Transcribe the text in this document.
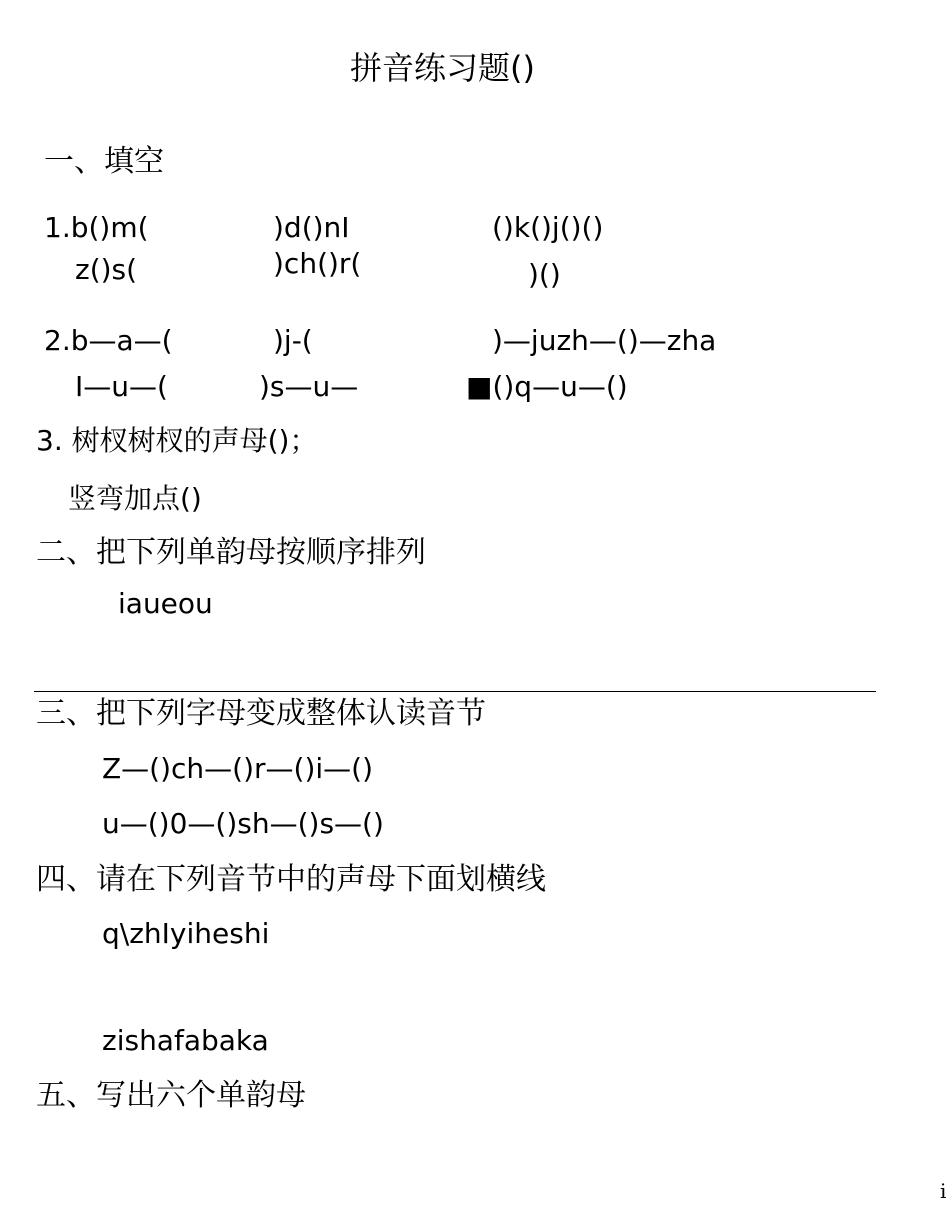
拼音练习题()
一、填空
1.b()m(	)d()nI	()k()j()()
z()s(	)ch()r(	)()
2.b—a—(	)j-(	)—juzh—()—zha
I—u—(	)s—u—	■()q—u—()
3. 树杈树杈的声母()；
竖弯加点()
二、把下列单韵母按顺序排列
iaueou
三、把下列字母变成整体认读音节
Z—()ch—()r—()i—()
u—()0—()sh—()s—()
四、请在下列音节中的声母下面划横线
q\zhIyiheshi
zishafabaka
五、写出六个单韵母
i
